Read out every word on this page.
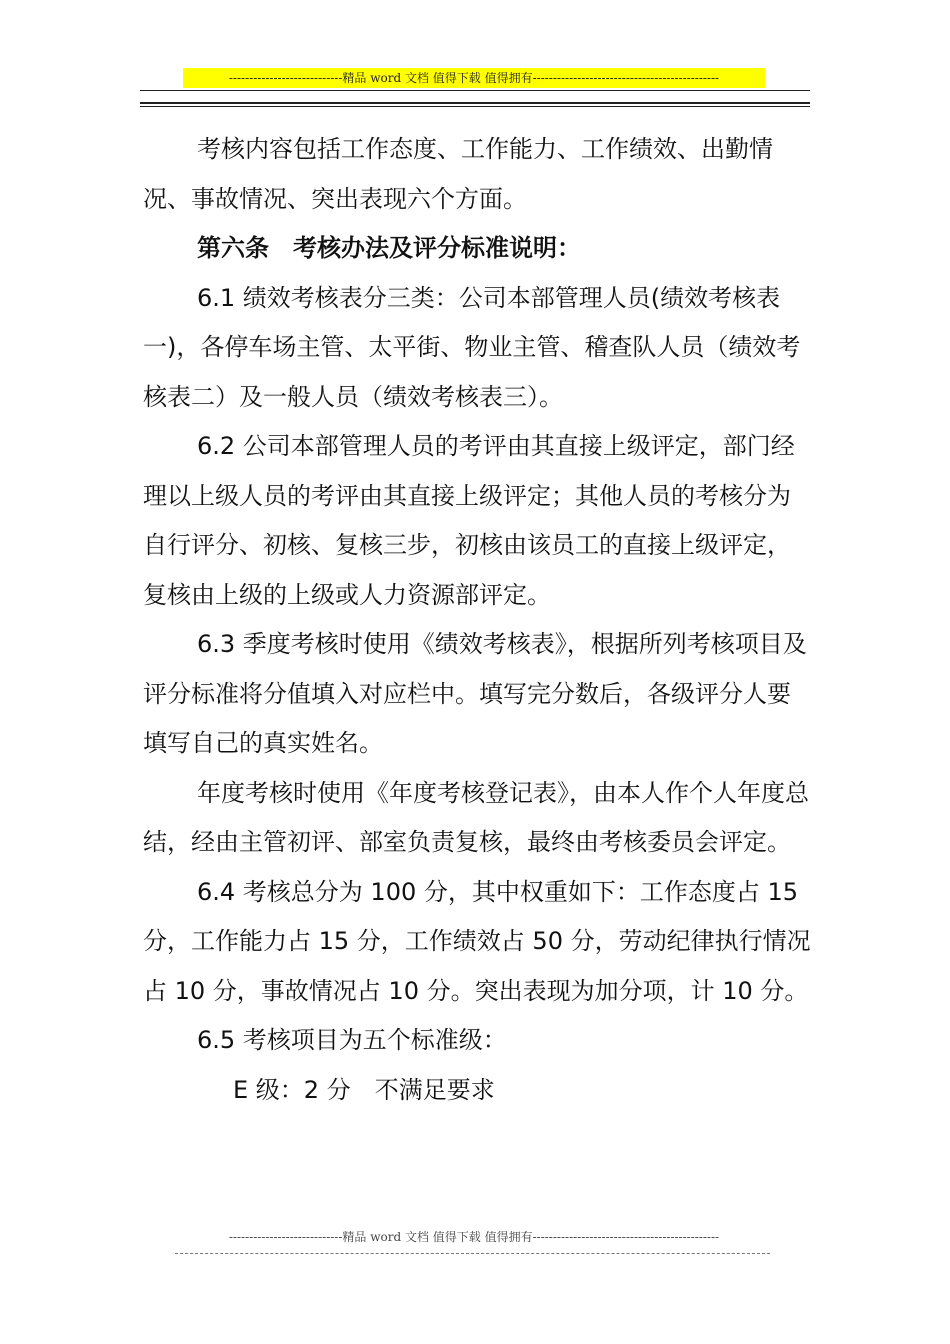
----------------------------精品 word 文档 值得下载 值得拥有----------------------------------------------

考核内容包括工作态度、工作能力、工作绩效、出勤情况、事故情况、突出表现六个方面。

第六条　考核办法及评分标准说明：

6.1 绩效考核表分三类：公司本部管理人员(绩效考核表一)，各停车场主管、太平街、物业主管、稽查队人员（绩效考核表二）及一般人员（绩效考核表三）。

6.2 公司本部管理人员的考评由其直接上级评定，部门经理以上级人员的考评由其直接上级评定；其他人员的考核分为自行评分、初核、复核三步，初核由该员工的直接上级评定，复核由上级的上级或人力资源部评定。

6.3 季度考核时使用《绩效考核表》，根据所列考核项目及评分标准将分值填入对应栏中。填写完分数后，各级评分人要填写自己的真实姓名。

年度考核时使用《年度考核登记表》，由本人作个人年度总结，经由主管初评、部室负责复核，最终由考核委员会评定。

6.4 考核总分为 100 分，其中权重如下：工作态度占 15 分，工作能力占 15 分，工作绩效占 50 分，劳动纪律执行情况占 10 分，事故情况占 10 分。突出表现为加分项，计 10 分。

6.5 考核项目为五个标准级：

E 级：2 分　不满足要求

----------------------------精品 word 文档 值得下载 值得拥有----------------------------------------------
